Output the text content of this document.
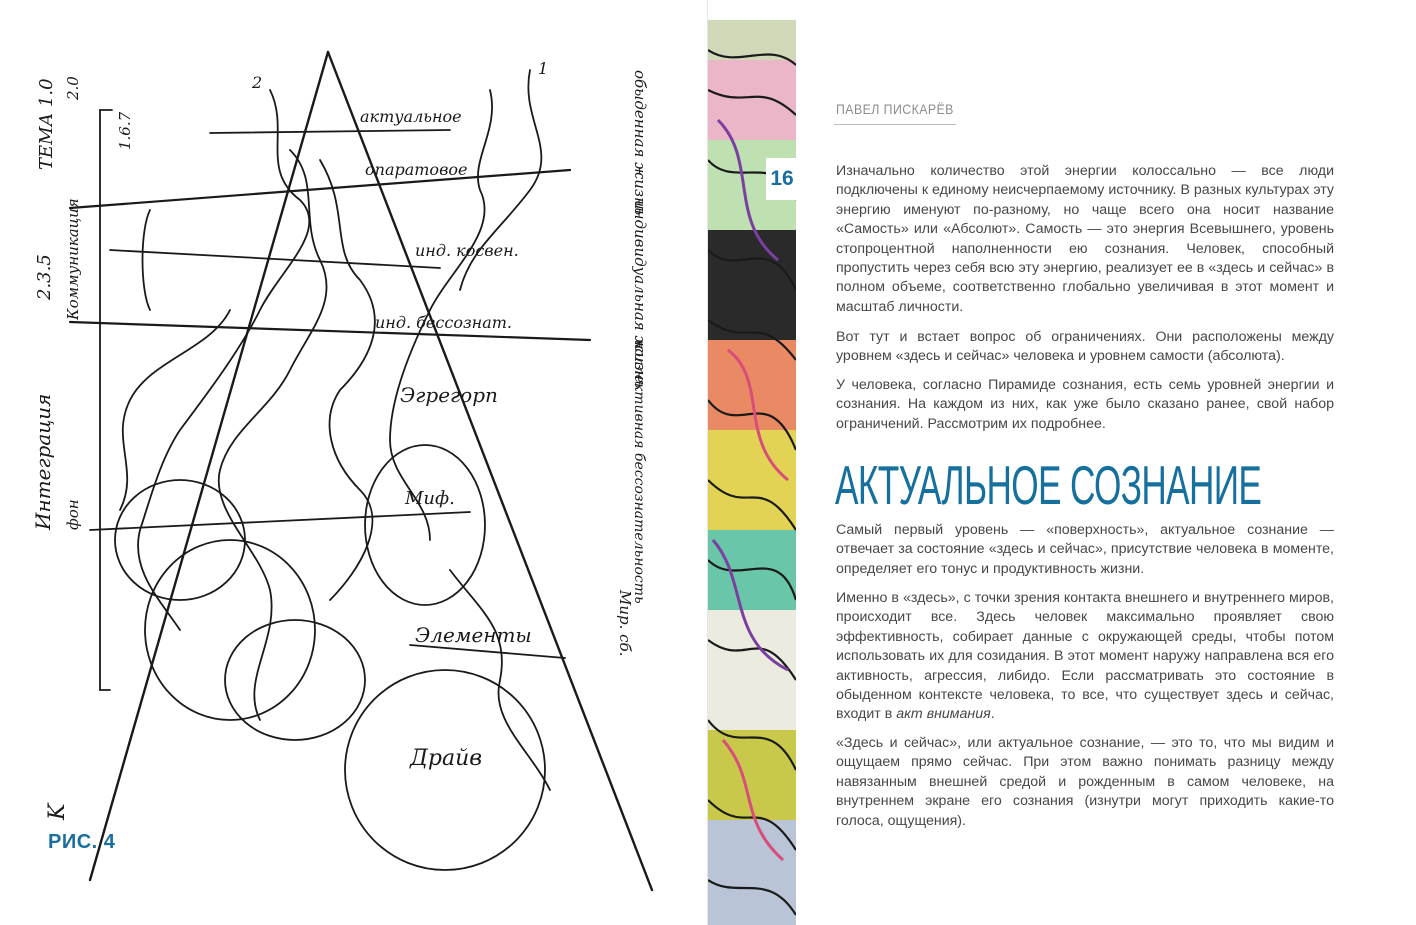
2
1
актуальное
опаратовое
инд. косвен.
инд. бессознат.
Эгрегорп
Миф.
Элементы
Драйв
K
Интеграция
2.3.5
ТЕМА 1.0 2.0
Коммуникация
фон
1.6.7	обыденная жизнь
индивидуальная жизнь
коллективная бессознательность
Мир. сб.
РИС. 4
16
ПАВЕЛ ПИСКАРЁВ

Изначально количество этой энергии колоссально — все люди подключены к единому неисчерпаемому источнику. В разных культурах эту энергию именуют по-разному, но чаще всего она носит название «Самость» или «Абсолют». Самость — это энергия Всевышнего, уровень стопроцентной наполненности ею сознания. Человек, способный пропустить через себя всю эту энергию, реализует ее в «здесь и сейчас» в полном объеме, соответственно глобально увеличивая в этот момент и масштаб личности.

Вот тут и встает вопрос об ограничениях. Они расположены между уровнем «здесь и сейчас» человека и уровнем самости (абсолюта).

У человека, согласно Пирамиде сознания, есть семь уровней энергии и сознания. На каждом из них, как уже было сказано ранее, свой набор ограничений. Рассмотрим их подробнее.

АКТУАЛЬНОЕ СОЗНАНИЕ

Самый первый уровень — «поверхность», актуальное сознание — отвечает за состояние «здесь и сейчас», присутствие человека в моменте, определяет его тонус и продуктивность жизни.

Именно в «здесь», с точки зрения контакта внешнего и внутреннего миров, происходит все. Здесь человек максимально проявляет свою эффективность, собирает данные с окружающей среды, чтобы потом использовать их для созидания. В этот момент наружу направлена вся его активность, агрессия, либидо. Если рассматривать это состояние в обыденном контексте человека, то все, что существует здесь и сейчас, входит в акт внимания.

«Здесь и сейчас», или актуальное сознание, — это то, что мы видим и ощущаем прямо сейчас. При этом важно понимать разницу между навязанным внешней средой и рожденным в самом человеке, на внутреннем экране его сознания (изнутри могут приходить какие-то голоса, ощущения).
